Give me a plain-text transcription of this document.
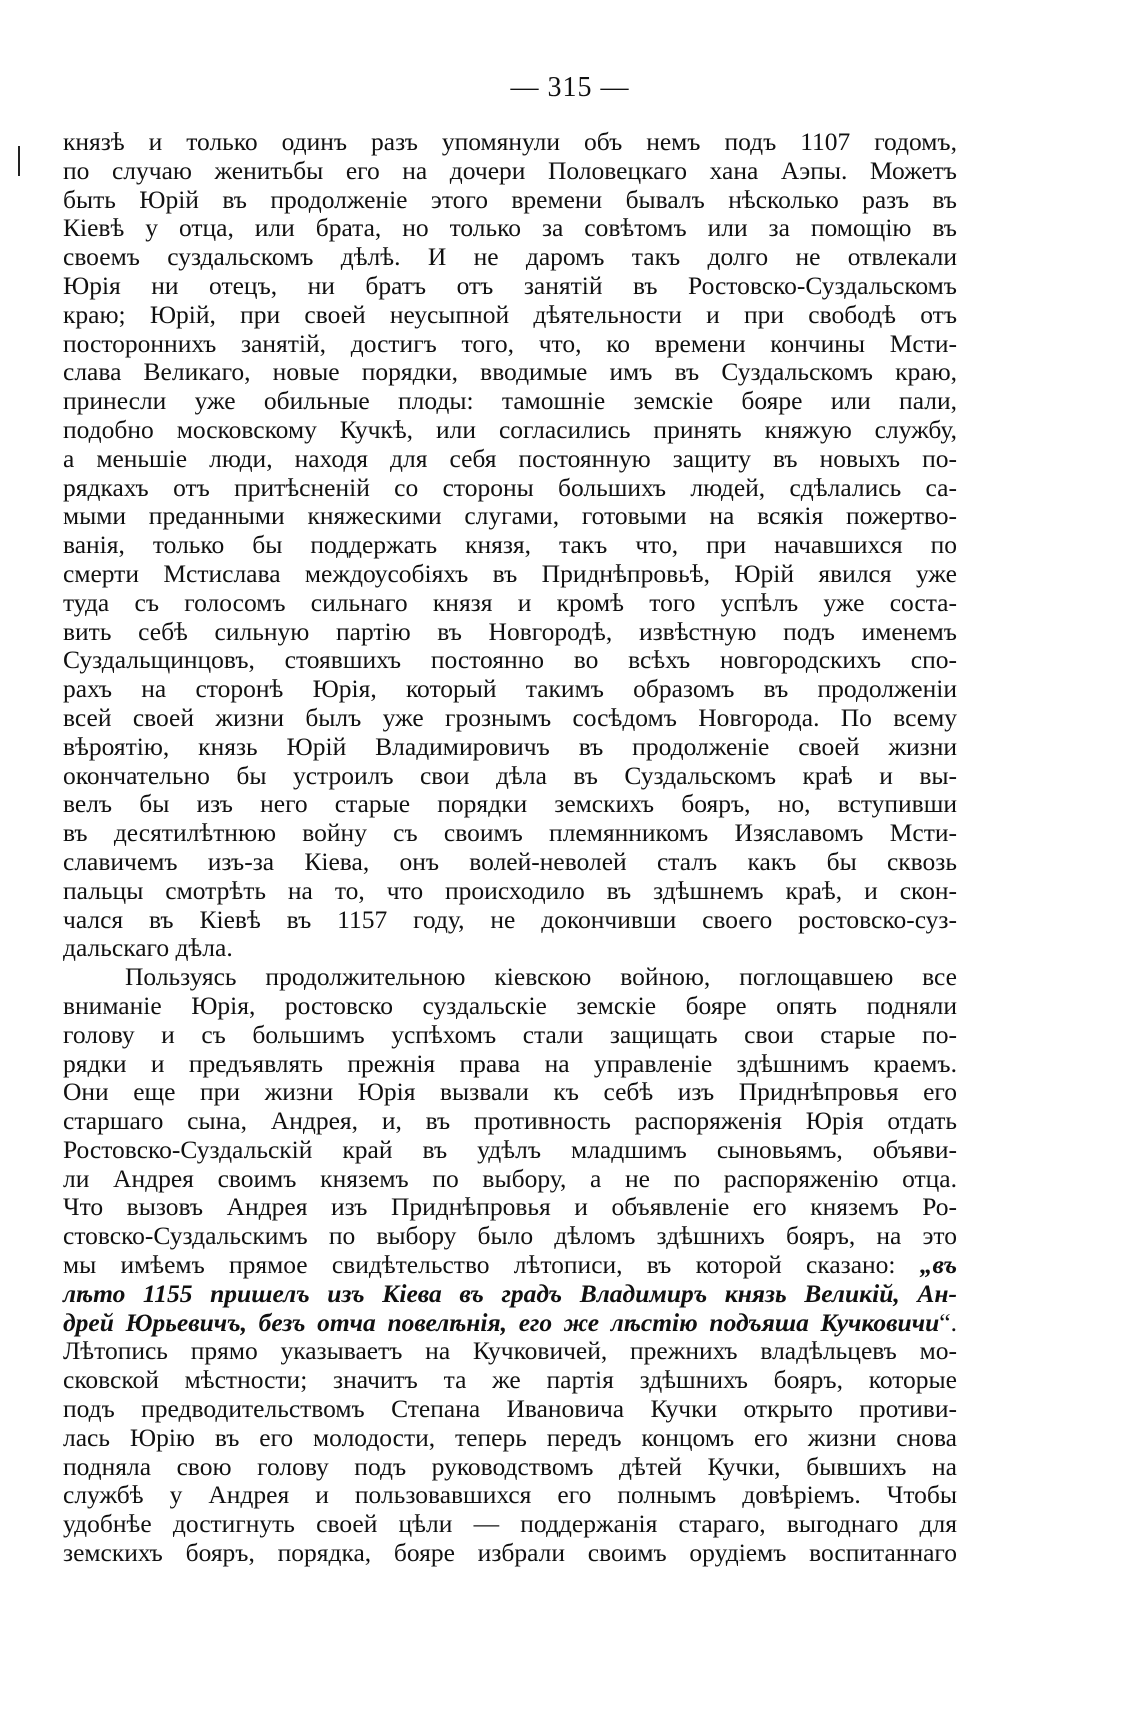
— 315 —
князѣ и только одинъ разъ упомянули объ немъ подъ 1107 годомъ,
по случаю женитьбы его на дочери Половецкаго хана Аэпы. Можетъ
быть Юрій въ продолженіе этого времени бывалъ нѣсколько разъ въ
Кіевѣ у отца, или брата, но только за совѣтомъ или за помощію въ
своемъ суздальскомъ дѣлѣ. И не даромъ такъ долго не отвлекали
Юрія ни отецъ, ни братъ отъ занятій въ Ростовско-Суздальскомъ
краю; Юрій, при своей неусыпной дѣятельности и при свободѣ отъ
постороннихъ занятій, достигъ того, что, ко времени кончины Мсти-
слава Великаго, новые порядки, вводимые имъ въ Суздальскомъ краю,
принесли уже обильные плоды: тамошніе земскіе бояре или пали,
подобно московскому Кучкѣ, или согласились принять княжую службу,
а меньшіе люди, находя для себя постоянную защиту въ новыхъ по-
рядкахъ отъ притѣсненій со стороны большихъ людей, сдѣлались са-
мыми преданными княжескими слугами, готовыми на всякія пожертво-
ванія, только бы поддержать князя, такъ что, при начавшихся по
смерти Мстислава междоусобіяхъ въ Приднѣпровьѣ, Юрій явился уже
туда съ голосомъ сильнаго князя и кромѣ того успѣлъ уже соста-
вить себѣ сильную партію въ Новгородѣ, извѣстную подъ именемъ
Суздальщинцовъ, стоявшихъ постоянно во всѣхъ новгородскихъ спо-
рахъ на сторонѣ Юрія, который такимъ образомъ въ продолженіи
всей своей жизни былъ уже грознымъ сосѣдомъ Новгорода. По всему
вѣроятію, князь Юрій Владимировичъ въ продолженіе своей жизни
окончательно бы устроилъ свои дѣла въ Суздальскомъ краѣ и вы-
велъ бы изъ него старые порядки земскихъ бояръ, но, вступивши
въ десятилѣтнюю войну съ своимъ племянникомъ Изяславомъ Мсти-
славичемъ изъ-за Кіева, онъ волей-неволей сталъ какъ бы сквозь
пальцы смотрѣть на то, что происходило въ здѣшнемъ краѣ, и скон-
чался въ Кіевѣ въ 1157 году, не докончивши своего ростовско-суз-
дальскаго дѣла.
Пользуясь продолжительною кіевскою войною, поглощавшею все
вниманіе Юрія, ростовско суздальскіе земскіе бояре опять подняли
голову и съ большимъ успѣхомъ стали защищать свои старые по-
рядки и предъявлять прежнія права на управленіе здѣшнимъ краемъ.
Они еще при жизни Юрія вызвали къ себѣ изъ Приднѣпровья его
старшаго сына, Андрея, и, въ противность распоряженія Юрія отдать
Ростовско-Суздальскій край въ удѣлъ младшимъ сыновьямъ, объяви-
ли Андрея своимъ княземъ по выбору, а не по распоряженію отца.
Что вызовъ Андрея изъ Приднѣпровья и объявленіе его княземъ Ро-
стовско-Суздальскимъ по выбору было дѣломъ здѣшнихъ бояръ, на это
мы имѣемъ прямое свидѣтельство лѣтописи, въ которой сказано: „въ
лѣто 1155 пришелъ изъ Кіева въ градъ Владимиръ князь Великій, Ан-
дрей Юрьевичъ, безъ отча повелѣнія, его же лѣстію подъяша Кучковичи“.
Лѣтопись прямо указываетъ на Кучковичей, прежнихъ владѣльцевъ мо-
сковской мѣстности; значитъ та же партія здѣшнихъ бояръ, которые
подъ предводительствомъ Степана Ивановича Кучки открыто противи-
лась Юрію въ его молодости, теперь передъ концомъ его жизни снова
подняла свою голову подъ руководствомъ дѣтей Кучки, бывшихъ на
службѣ у Андрея и пользовавшихся его полнымъ довѣріемъ. Чтобы
удобнѣе достигнуть своей цѣли — поддержанія стараго, выгоднаго для
земскихъ бояръ, порядка, бояре избрали своимъ орудіемъ воспитаннаго
